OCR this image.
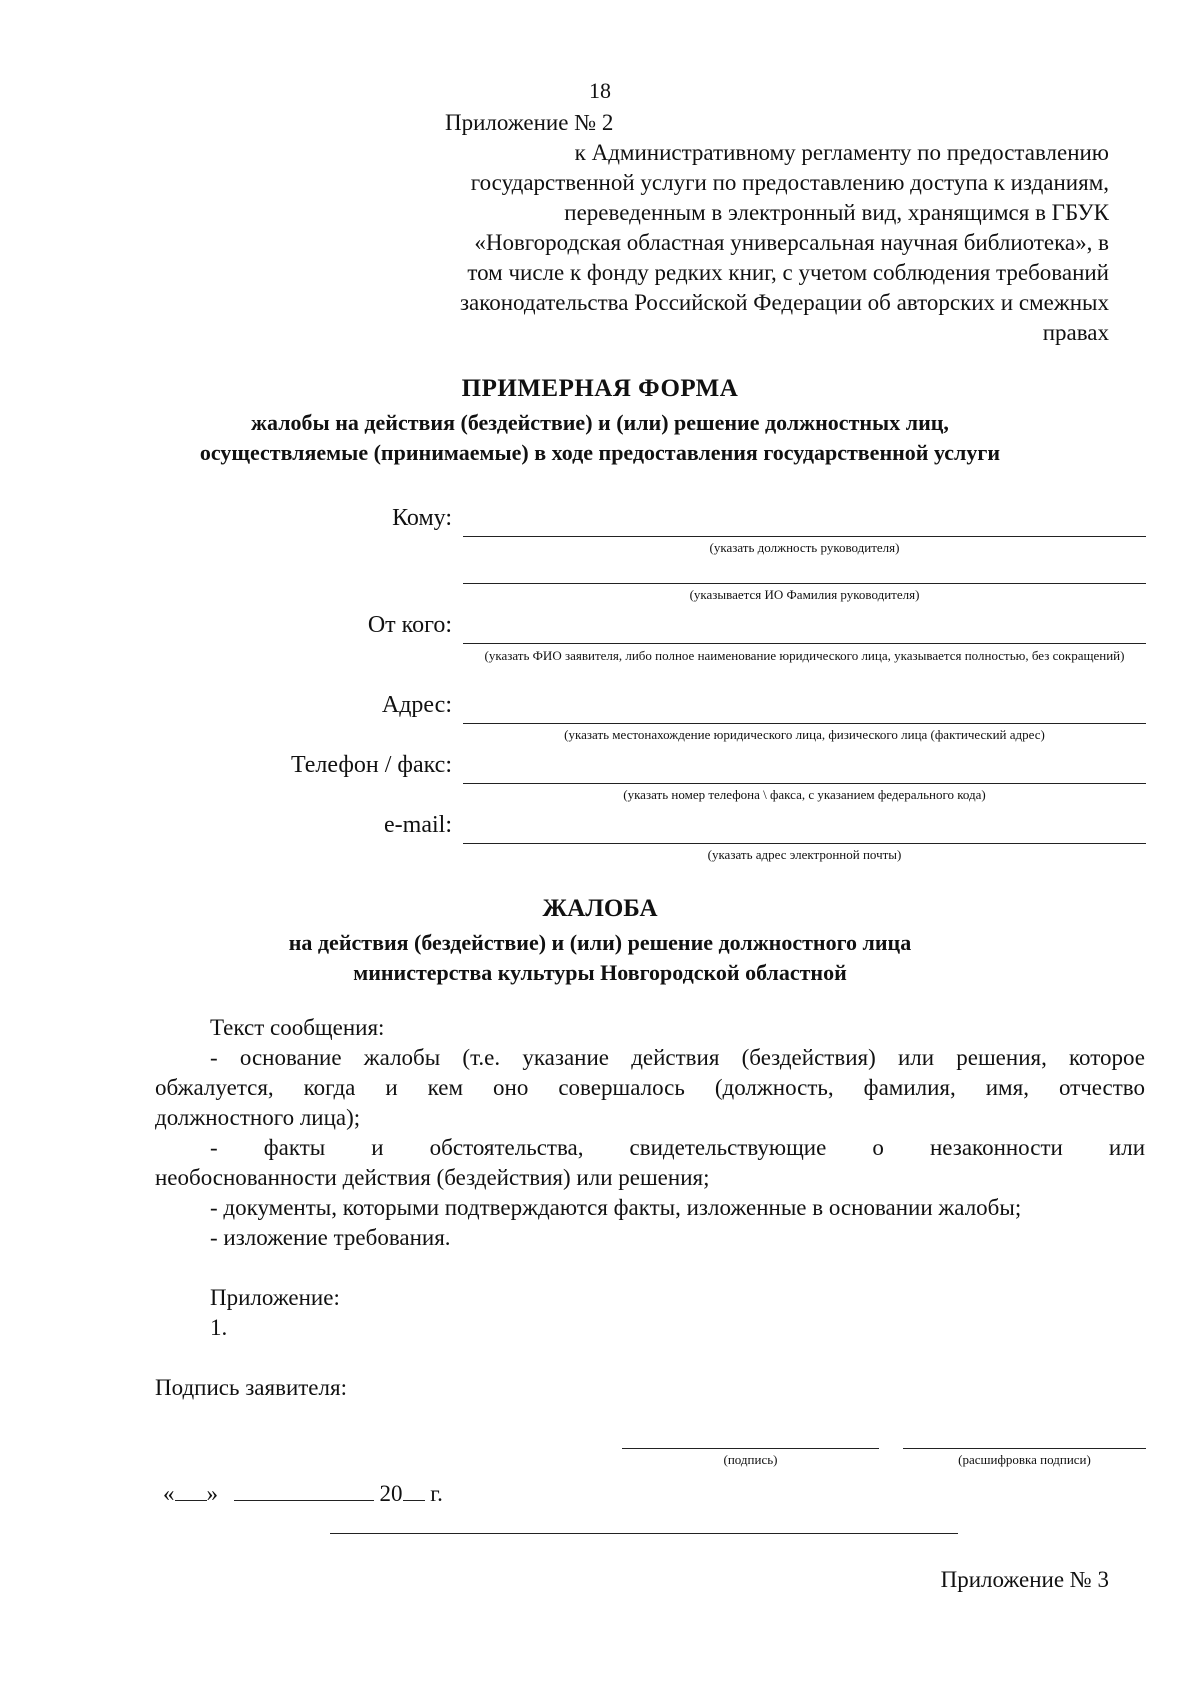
18
Приложение № 2
к Административному регламенту по предоставлению
государственной услуги по предоставлению доступа к изданиям,
переведенным в электронный вид, хранящимся в ГБУК
«Новгородская областная универсальная научная библиотека», в
том числе к фонду редких книг, с учетом соблюдения требований
законодательства Российской Федерации об авторских и смежных
правах
ПРИМЕРНАЯ ФОРМА
жалобы на действия (бездействие) и (или) решение должностных лиц,
осуществляемые (принимаемые) в ходе предоставления государственной услуги
Кому:
(указать должность руководителя)
(указывается ИО Фамилия руководителя)
От кого:
(указать ФИО заявителя, либо полное наименование юридического лица, указывается полностью, без сокращений)
Адрес:
(указать местонахождение юридического лица, физического лица (фактический адрес)
Телефон / факс:
(указать номер телефона \ факса, с указанием федерального кода)
e-mail:
(указать адрес электронной почты)
ЖАЛОБА
на действия (бездействие) и (или) решение должностного лица
министерства культуры Новгородской областной
Текст сообщения:
- основание жалобы (т.е. указание действия (бездействия) или решения, которое
обжалуется, когда и кем оно совершалось (должность, фамилия, имя, отчество
должностного лица);
- факты и обстоятельства, свидетельствующие о незаконности или
необоснованности действия (бездействия) или решения;
- документы, которыми подтверждаются факты, изложенные в основании жалобы;
- изложение требования.
Приложение:
1.
Подпись заявителя:
(подпись)	(расшифровка подписи)
« »	20 г.
Приложение № 3
